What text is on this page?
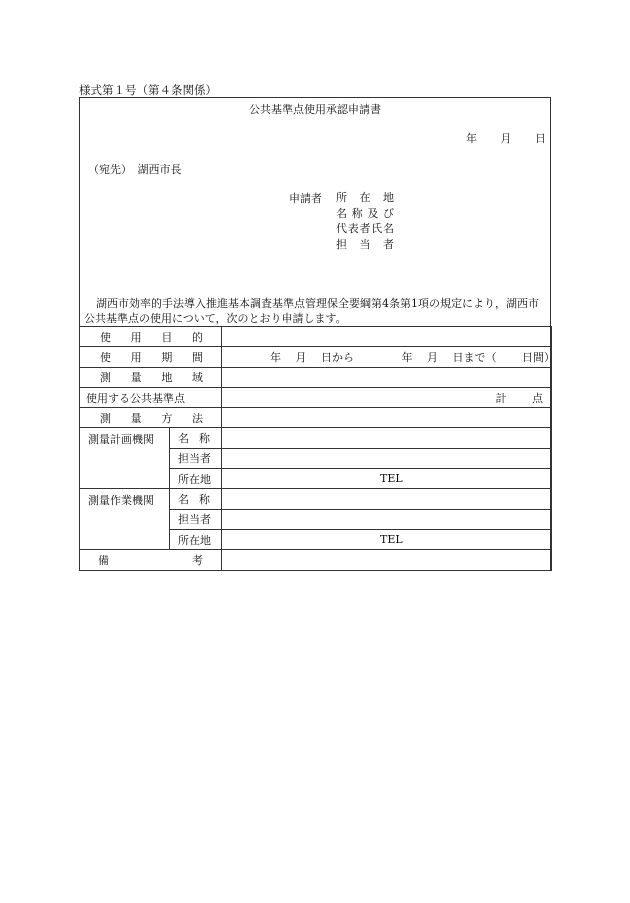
様式第１号（第４条関係）
公共基準点使用承認申請書
年 月 日
（宛先）　湖西市長
申請者 所 在 地
名 称 及 び
代 表 者 氏 名
担 当 者
湖西市効率的手法導入推進基本調査基準点管理保全要綱第4条第1項の規定により，湖西市公共基準点の使用について，次のとおり申請します。
使 用 目 的		

使 用 期 間		年　 月　 日から　　　　 年　 月　 日まで（　　 日間）

測 量 地 域		

使用する公共基準点		計　　 点

測 量 方 法		

測量計画機関	名 称	

	担当者	

	所在地	TEL

測量作業機関	名 称	

	担当者	

	所在地	TEL

備 考		
